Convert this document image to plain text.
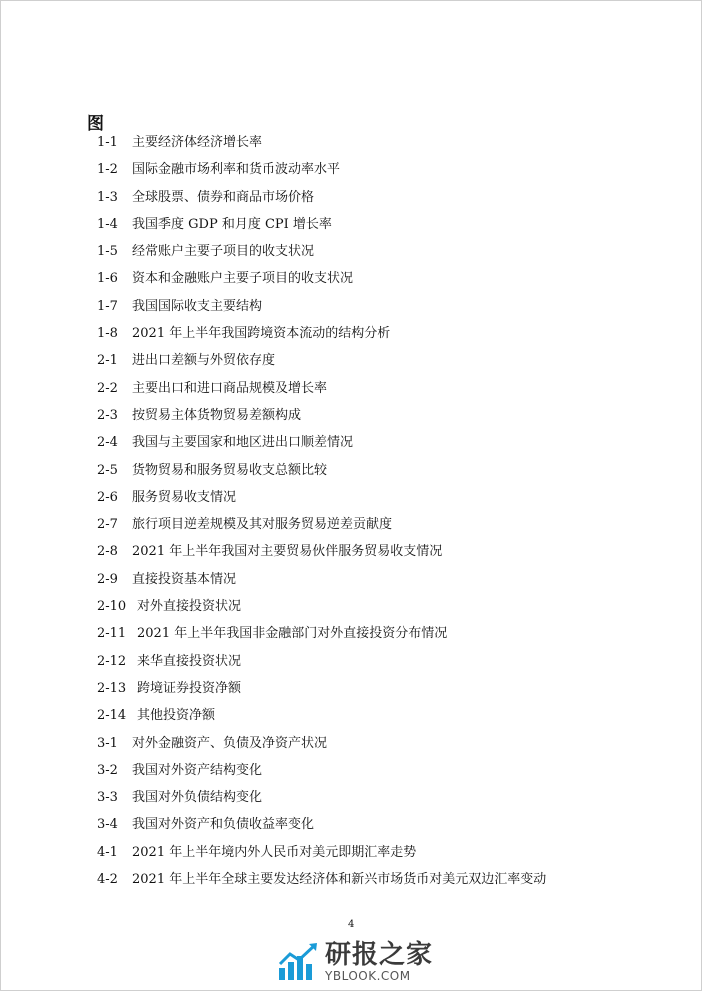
图
1-1	主要经济体经济增长率
1-2	国际金融市场利率和货币波动率水平
1-3	全球股票、债券和商品市场价格
1-4	我国季度 GDP 和月度 CPI 增长率
1-5	经常账户主要子项目的收支状况
1-6	资本和金融账户主要子项目的收支状况
1-7	我国国际收支主要结构
1-8	2021 年上半年我国跨境资本流动的结构分析
2-1	进出口差额与外贸依存度
2-2	主要出口和进口商品规模及增长率
2-3	按贸易主体货物贸易差额构成
2-4	我国与主要国家和地区进出口顺差情况
2-5	货物贸易和服务贸易收支总额比较
2-6	服务贸易收支情况
2-7	旅行项目逆差规模及其对服务贸易逆差贡献度
2-8	2021 年上半年我国对主要贸易伙伴服务贸易收支情况
2-9	直接投资基本情况
2-10 对外直接投资状况
2-11 2021 年上半年我国非金融部门对外直接投资分布情况
2-12 来华直接投资状况
2-13 跨境证券投资净额
2-14 其他投资净额
3-1	对外金融资产、负债及净资产状况
3-2	我国对外资产结构变化
3-3	我国对外负债结构变化
3-4	我国对外资产和负债收益率变化
4-1	2021 年上半年境内外人民币对美元即期汇率走势
4-2	2021 年上半年全球主要发达经济体和新兴市场货币对美元双边汇率变动
4
研报之家
YBLOOK.COM
